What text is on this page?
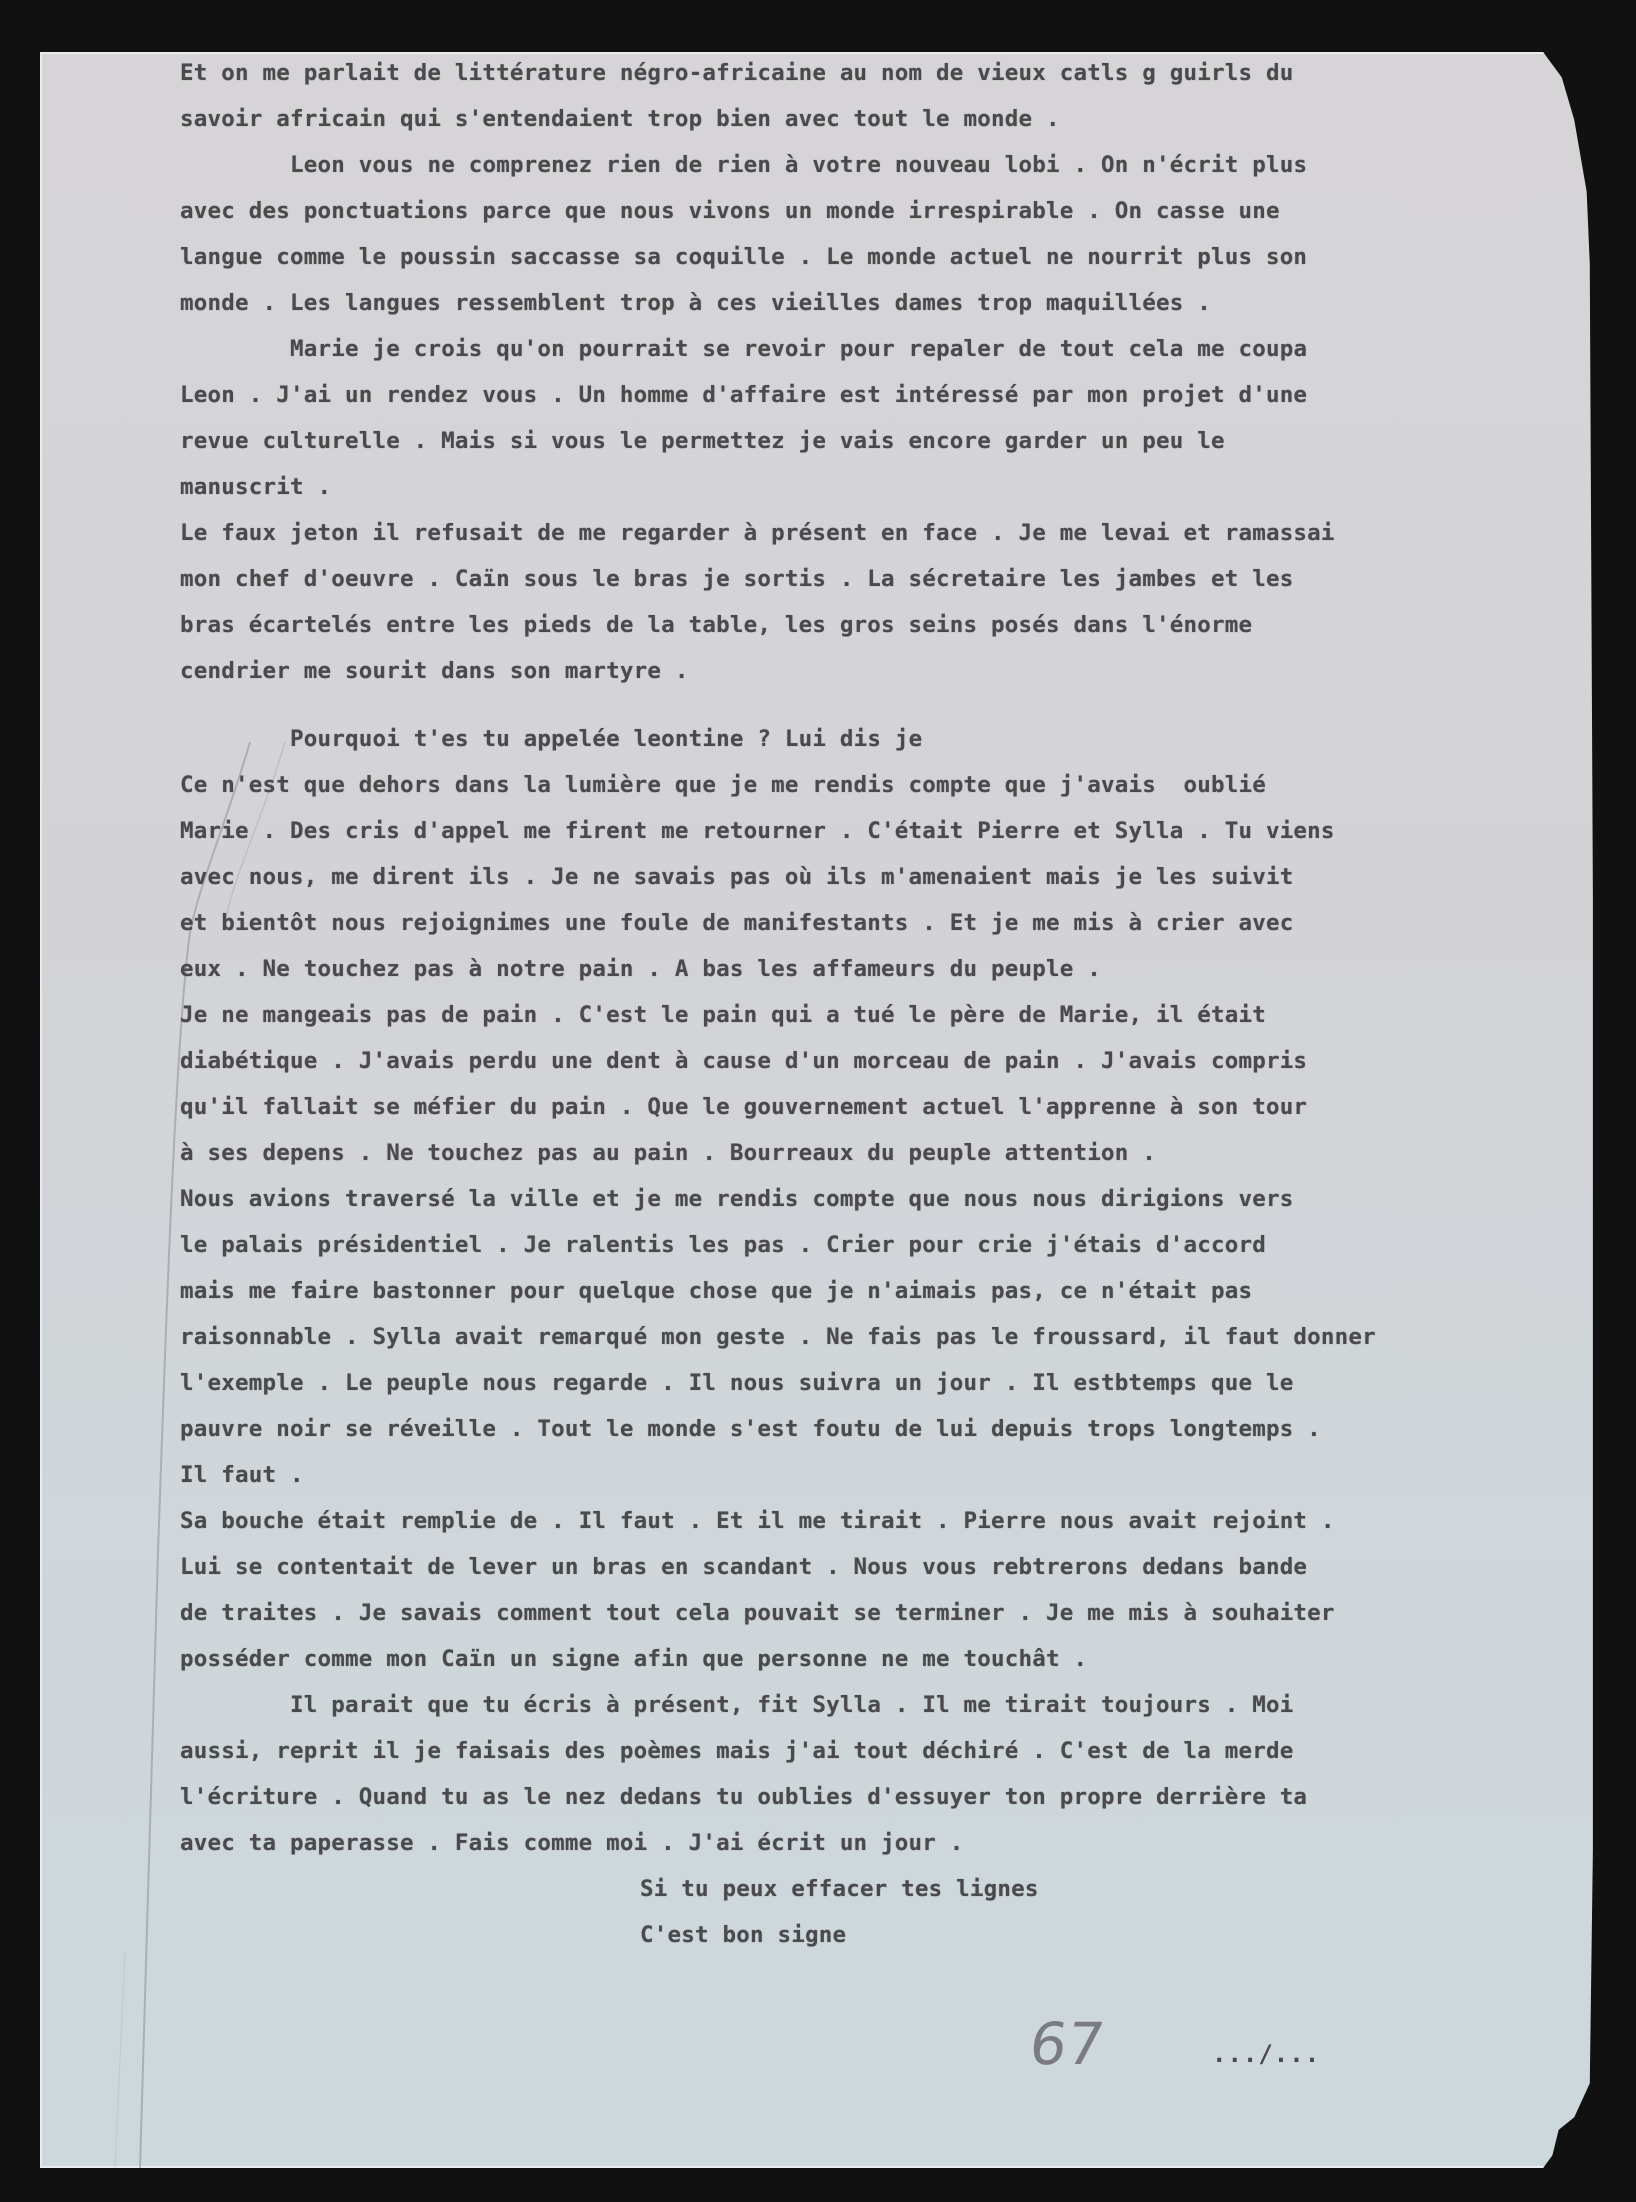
Et on me parlait de littérature négro-africaine au nom de vieux catls g guirls du
savoir africain qui s'entendaient trop bien avec tout le monde .
Leon vous ne comprenez rien de rien à votre nouveau lobi . On n'écrit plus
avec des ponctuations parce que nous vivons un monde irrespirable . On casse une
langue comme le poussin saccasse sa coquille . Le monde actuel ne nourrit plus son
monde . Les langues ressemblent trop à ces vieilles dames trop maquillées .
Marie je crois qu'on pourrait se revoir pour repaler de tout cela me coupa
Leon . J'ai un rendez vous . Un homme d'affaire est intéressé par mon projet d'une
revue culturelle . Mais si vous le permettez je vais encore garder un peu le
manuscrit .
Le faux jeton il refusait de me regarder à présent en face . Je me levai et ramassai
mon chef d'oeuvre . Caïn sous le bras je sortis . La sécretaire les jambes et les
bras écartelés entre les pieds de la table, les gros seins posés dans l'énorme
cendrier me sourit dans son martyre .
Pourquoi t'es tu appelée leontine ? Lui dis je
Ce n'est que dehors dans la lumière que je me rendis compte que j'avais  oublié
Marie . Des cris d'appel me firent me retourner . C'était Pierre et Sylla . Tu viens
avec nous, me dirent ils . Je ne savais pas où ils m'amenaient mais je les suivit
et bientôt nous rejoignimes une foule de manifestants . Et je me mis à crier avec
eux . Ne touchez pas à notre pain . A bas les affameurs du peuple .
Je ne mangeais pas de pain . C'est le pain qui a tué le père de Marie, il était
diabétique . J'avais perdu une dent à cause d'un morceau de pain . J'avais compris
qu'il fallait se méfier du pain . Que le gouvernement actuel l'apprenne à son tour
à ses depens . Ne touchez pas au pain . Bourreaux du peuple attention .
Nous avions traversé la ville et je me rendis compte que nous nous dirigions vers
le palais présidentiel . Je ralentis les pas . Crier pour crie j'étais d'accord
mais me faire bastonner pour quelque chose que je n'aimais pas, ce n'était pas
raisonnable . Sylla avait remarqué mon geste . Ne fais pas le froussard, il faut donner
l'exemple . Le peuple nous regarde . Il nous suivra un jour . Il estbtemps que le
pauvre noir se réveille . Tout le monde s'est foutu de lui depuis trops longtemps .
Il faut .
Sa bouche était remplie de . Il faut . Et il me tirait . Pierre nous avait rejoint .
Lui se contentait de lever un bras en scandant . Nous vous rebtrerons dedans bande
de traites . Je savais comment tout cela pouvait se terminer . Je me mis à souhaiter
posséder comme mon Caïn un signe afin que personne ne me touchât .
Il parait que tu écris à présent, fit Sylla . Il me tirait toujours . Moi
aussi, reprit il je faisais des poèmes mais j'ai tout déchiré . C'est de la merde
l'écriture . Quand tu as le nez dedans tu oublies d'essuyer ton propre derrière ta
avec ta paperasse . Fais comme moi . J'ai écrit un jour .
Si tu peux effacer tes lignes
C'est bon signe
67	.../...
